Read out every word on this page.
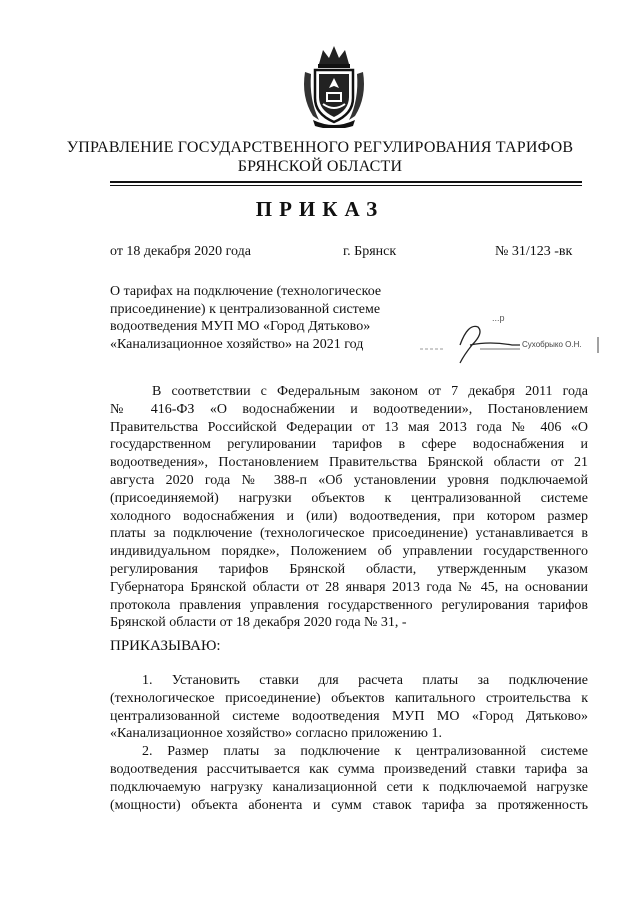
УПРАВЛЕНИЕ ГОСУДАРСТВЕННОГО РЕГУЛИРОВАНИЯ ТАРИФОВ
БРЯНСКОЙ ОБЛАСТИ
ПРИКАЗ
от 18 декабря 2020 года	г. Брянск	№ 31/123 -вк
О тарифах на подключение (технологическое
присоединение) к централизованной системе
водоотведения МУП МО «Город Дятьково»
«Канализационное хозяйство» на 2021 год
...р
Сухобрыко О.Н.
В соответствии с Федеральным законом от 7 декабря 2011 года
№ 416-ФЗ «О водоснабжении и водоотведении», Постановлением
Правительства Российской Федерации от 13 мая 2013 года № 406 «О
государственном регулировании тарифов в сфере водоснабжения и
водоотведения», Постановлением Правительства Брянской области от 21
августа 2020 года № 388-п «Об установлении уровня подключаемой
(присоединяемой) нагрузки объектов к централизованной системе
холодного водоснабжения и (или) водоотведения, при котором размер
платы за подключение (технологическое присоединение) устанавливается в
индивидуальном порядке», Положением об управлении государственного
регулирования тарифов Брянской области, утвержденным указом
Губернатора Брянской области от 28 января 2013 года № 45, на основании
протокола правления управления государственного регулирования тарифов
Брянской области от 18 декабря 2020 года № 31, -
ПРИКАЗЫВАЮ:
1. Установить ставки для расчета платы за подключение
(технологическое присоединение) объектов капитального строительства к
централизованной системе водоотведения МУП МО «Город Дятьково»
«Канализационное хозяйство» согласно приложению 1.
2. Размер платы за подключение к централизованной системе
водоотведения рассчитывается как сумма произведений ставки тарифа за
подключаемую нагрузку канализационной сети к подключаемой нагрузке
(мощности) объекта абонента и сумм ставок тарифа за протяженность
